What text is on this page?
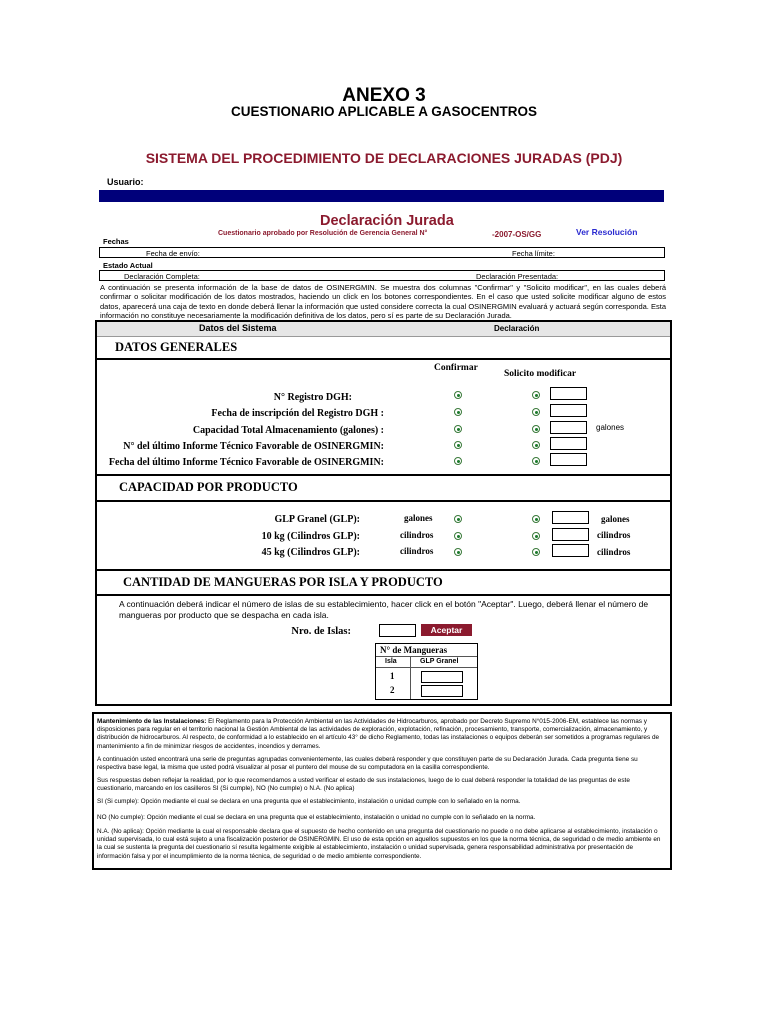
ANEXO 3
CUESTIONARIO APLICABLE A GASOCENTROS
SISTEMA DEL PROCEDIMIENTO DE DECLARACIONES JURADAS (PDJ)
Usuario:
Declaración Jurada
Cuestionario aprobado por Resolución de Gerencia General N°	-2007-OS/GG	Ver Resolución
Fechas
Fecha de envío:	Fecha límite:
Estado Actual
Declaración Completa:	Declaración Presentada:
A continuación se presenta información de la base de datos de OSINERGMIN. Se muestra dos columnas "Confirmar" y "Solicito modificar", en las cuales deberá confirmar o solicitar modificación de los datos mostrados, haciendo un click en los botones correspondientes. En el caso que usted solicite modificar alguno de estos datos, aparecerá una caja de texto en donde deberá llenar la información que usted considere correcta la cual OSINERGMIN evaluará y actuará según corresponda. Esta información no constituye necesariamente la modificación definitiva de los datos, pero sí es parte de su Declaración Jurada.
Datos del Sistema	Declaración
DATOS GENERALES
Confirmar
Solicito modificar
N° Registro DGH:
Fecha de inscripción del Registro DGH :
Capacidad Total Almacenamiento (galones) :	galones
N° del último Informe Técnico Favorable de OSINERGMIN:
Fecha del último Informe Técnico Favorable de OSINERGMIN:
CAPACIDAD POR PRODUCTO
GLP Granel (GLP):	galones	galones
10 kg (Cilindros GLP):	cilindros	cilindros
45 kg (Cilindros GLP):	cilindros	cilindros
CANTIDAD DE MANGUERAS POR ISLA Y PRODUCTO
A continuación deberá indicar el número de islas de su establecimiento, hacer click en el botón "Aceptar". Luego, deberá llenar el número de mangueras por producto que se despacha en cada isla.
Nro. de Islas:	Aceptar
N° de Mangueras
Isla	GLP Granel
1
2
Mantenimiento de las Instalaciones: El Reglamento para la Protección Ambiental en las Actividades de Hidrocarburos, aprobado por Decreto Supremo N°015-2006-EM, establece las normas y disposiciones para regular en el territorio nacional la Gestión Ambiental de las actividades de exploración, explotación, refinación, procesamiento, transporte, comercialización, almacenamiento, y distribución de hidrocarburos. Al respecto, de conformidad a lo establecido en el artículo 43° de dicho Reglamento, todas las instalaciones o equipos deberán ser sometidos a programas regulares de mantenimiento a fin de minimizar riesgos de accidentes, incendios y derrames.
A continuación usted encontrará una serie de preguntas agrupadas convenientemente, las cuales deberá responder y que constituyen parte de su Declaración Jurada. Cada pregunta tiene su respectiva base legal, la misma que usted podrá visualizar al posar el puntero del mouse de su computadora en la casilla correspondiente.
Sus respuestas deben reflejar la realidad, por lo que recomendamos a usted verificar el estado de sus instalaciones, luego de lo cual deberá responder la totalidad de las preguntas de este cuestionario, marcando en los casilleros SI (Si cumple), NO (No cumple) o N.A. (No aplica)
SI (Si cumple): Opción mediante el cual se declara en una pregunta que el establecimiento, instalación o unidad cumple con lo señalado en la norma.
NO (No cumple): Opción mediante el cual se declara en una pregunta que el establecimiento, instalación o unidad no cumple con lo señalado en la norma.
N.A. (No aplica): Opción mediante la cual el responsable declara que el supuesto de hecho contenido en una pregunta del cuestionario no puede o no debe aplicarse al establecimiento, instalación o unidad supervisada, lo cual está sujeto a una fiscalización posterior de OSINERGMIN. El uso de esta opción en aquellos supuestos en los que la norma técnica, de seguridad o de medio ambiente en la cual se sustenta la pregunta del cuestionario sí resulta legalmente exigible al establecimiento, instalación o unidad supervisada, genera responsabilidad administrativa por presentación de información falsa y por el incumplimiento de la norma técnica, de seguridad o de medio ambiente correspondiente.
